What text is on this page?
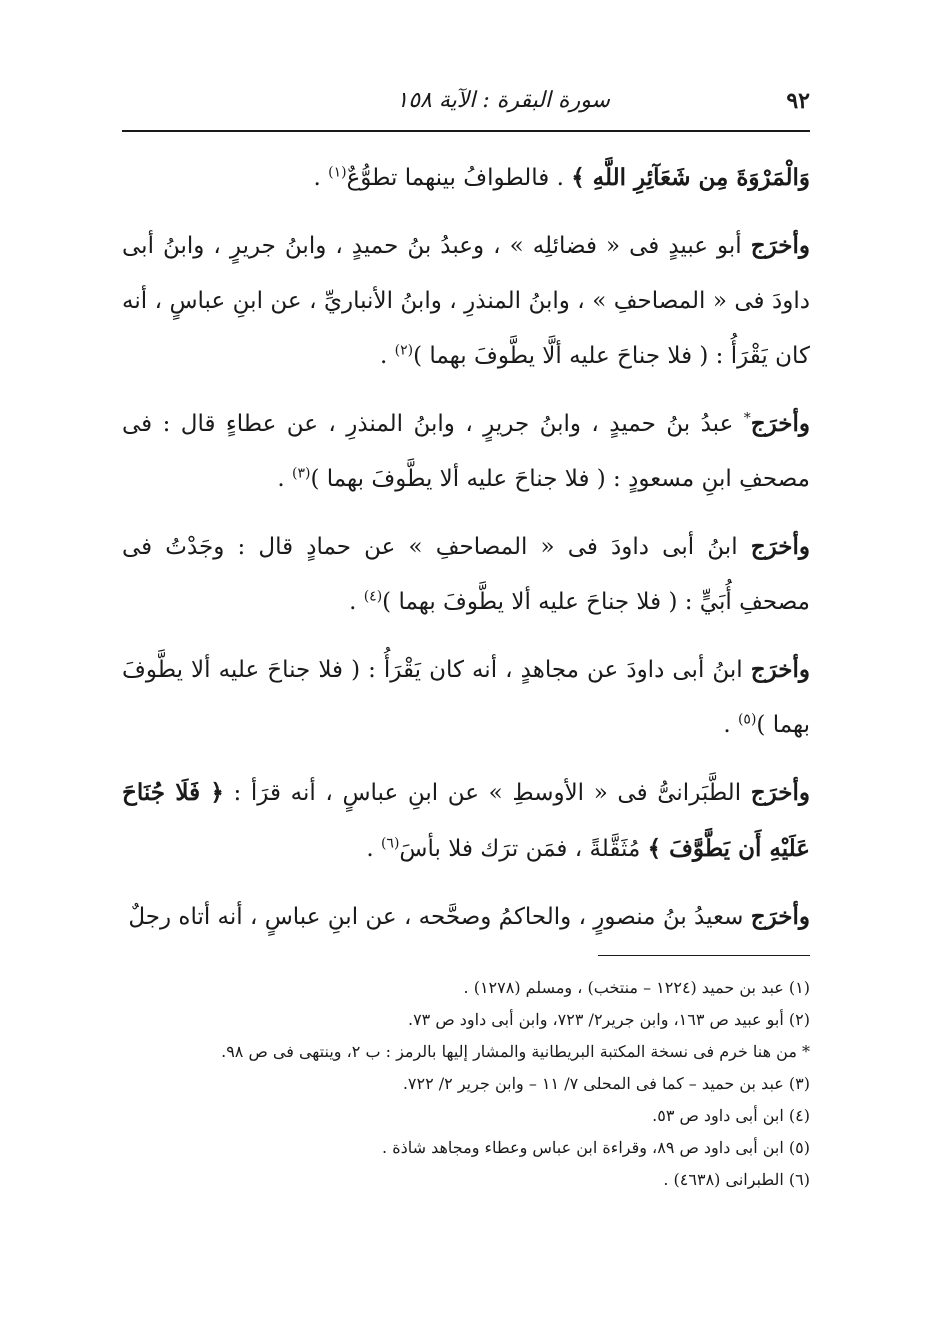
٩٢
سورة البقرة : الآية ١٥٨

وَالْمَرْوَةَ مِن شَعَآئِرِ اللَّهِ ﴾ . فالطوافُ بينهما تطوُّعٌ$^{(١)}$ .

وأخرَج أبو عبيدٍ فى « فضائلِه » ، وعبدُ بنُ حميدٍ ، وابنُ جريرٍ ، وابنُ أبى داودَ فى « المصاحفِ » ، وابنُ المنذرِ ، وابنُ الأنباريِّ ، عن ابنِ عباسٍ ، أنه كان يَقْرَأُ : ( فلا جناحَ عليه ألَّا يطَّوفَ بهما )$^{(٢)}$ .

وأخرَج* عبدُ بنُ حميدٍ ، وابنُ جريرٍ ، وابنُ المنذرِ ، عن عطاءٍ قال : فى مصحفِ ابنِ مسعودٍ : ( فلا جناحَ عليه ألا يطَّوفَ بهما )$^{(٣)}$ .

وأخرَج ابنُ أبى داودَ فى « المصاحفِ » عن حمادٍ قال : وجَدْتُ فى مصحفِ أُبَيٍّ : ( فلا جناحَ عليه ألا يطَّوفَ بهما )$^{(٤)}$ .

وأخرَج ابنُ أبى داودَ عن مجاهدٍ ، أنه كان يَقْرَأُ : ( فلا جناحَ عليه ألا يطَّوفَ بهما )$^{(٥)}$ .

وأخرَج الطَّبَرانىُّ فى « الأوسطِ » عن ابنِ عباسٍ ، أنه قرَأ : ﴿ فَلَا جُنَاحَ عَلَيْهِ أَن يَطَّوَّفَ ﴾ مُثَقَّلةً ، فمَن ترَك فلا بأسَ$^{(٦)}$ .

وأخرَج سعيدُ بنُ منصورٍ ، والحاكمُ وصحَّحه ، عن ابنِ عباسٍ ، أنه أتاه رجلٌ

(١) عبد بن حميد (١٢٢٤ – منتخب) ، ومسلم (١٢٧٨) .

(٢) أبو عبيد ص ١٦٣، وابن جرير٢/ ٧٢٣، وابن أبى داود ص ٧٣.

* من هنا خرم فى نسخة المكتبة البريطانية والمشار إليها بالرمز : ب ٢، وينتهى فى ص ٩٨.

(٣) عبد بن حميد – كما فى المحلى ٧/ ١١ – وابن جرير ٢/ ٧٢٢.

(٤) ابن أبى داود ص ٥٣.

(٥) ابن أبى داود ص ٨٩، وقراءة ابن عباس وعطاء ومجاهد شاذة .

(٦) الطبرانى (٤٦٣٨) .
